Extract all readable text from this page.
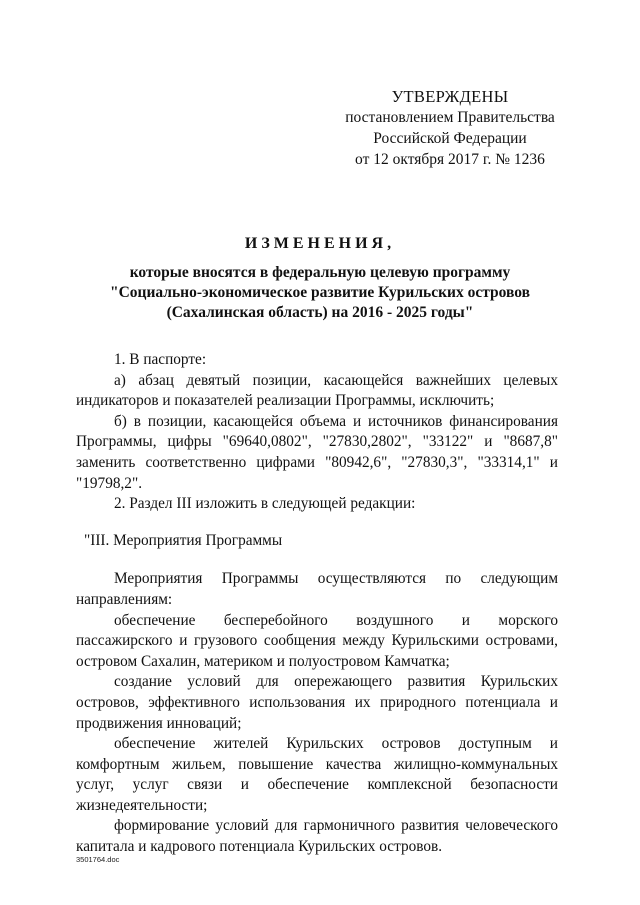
УТВЕРЖДЕНЫ
постановлением Правительства
Российской Федерации
от 12 октября 2017 г. № 1236
ИЗМЕНЕНИЯ,
которые вносятся в федеральную целевую программу
"Социально-экономическое развитие Курильских островов
(Сахалинская область) на 2016 - 2025 годы"

1. В паспорте:

а) абзац девятый позиции, касающейся важнейших целевых индикаторов и показателей реализации Программы, исключить;

б) в позиции, касающейся объема и источников финансирования Программы, цифры "69640,0802", "27830,2802", "33122" и "8687,8" заменить соответственно цифрами "80942,6", "27830,3", "33314,1" и "19798,2".

2. Раздел III изложить в следующей редакции:

"III. Мероприятия Программы

Мероприятия Программы осуществляются по следующим направлениям:

обеспечение бесперебойного воздушного и морского пассажирского и грузового сообщения между Курильскими островами, островом Сахалин, материком и полуостровом Камчатка;

создание условий для опережающего развития Курильских островов, эффективного использования их природного потенциала и продвижения инноваций;

обеспечение жителей Курильских островов доступным и комфортным жильем, повышение качества жилищно-коммунальных услуг, услуг связи и обеспечение комплексной безопасности жизнедеятельности;

формирование условий для гармоничного развития человеческого капитала и кадрового потенциала Курильских островов.

3501764.doc
